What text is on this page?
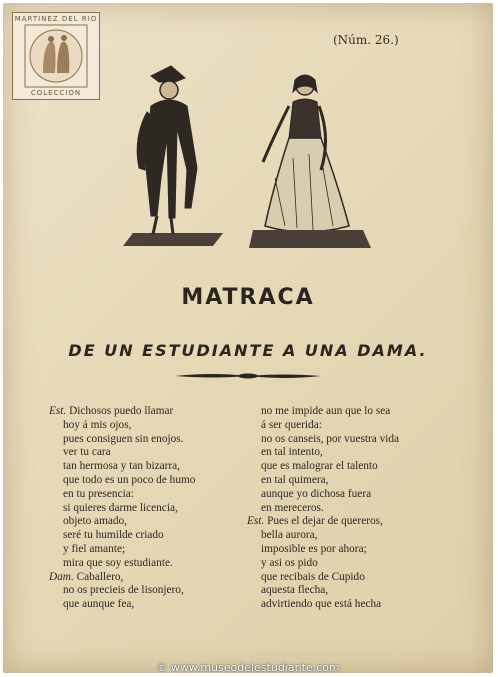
MARTINEZ DEL RIO
COLECCION
(Núm. 26.)
MATRACA
DE UN ESTUDIANTE A UNA DAMA.
Est. Dichosos puedo llamar
hoy á mis ojos,
pues consiguen sin enojos.
ver tu cara
tan hermosa y tan bizarra,
que todo es un poco de humo
en tu presencia:
si quieres darme licencia,
objeto amado,
seré tu humilde criado
y fiel amante;
mira que soy estudiante.
Dam. Caballero,
no os precieis de lisonjero,
que aunque fea,
no me impide aun que lo sea
á ser querida:
no os canseis, por vuestra vida
en tal intento,
que es malograr el talento
en tal quimera,
aunque yo dichosa fuera
en mereceros.
Est. Pues el dejar de quereros,
bella aurora,
imposible es por ahora;
y asi os pido
que recibais de Cupido
aquesta flecha,
advirtiendo que está hecha
© www.museodelestudiante.com
